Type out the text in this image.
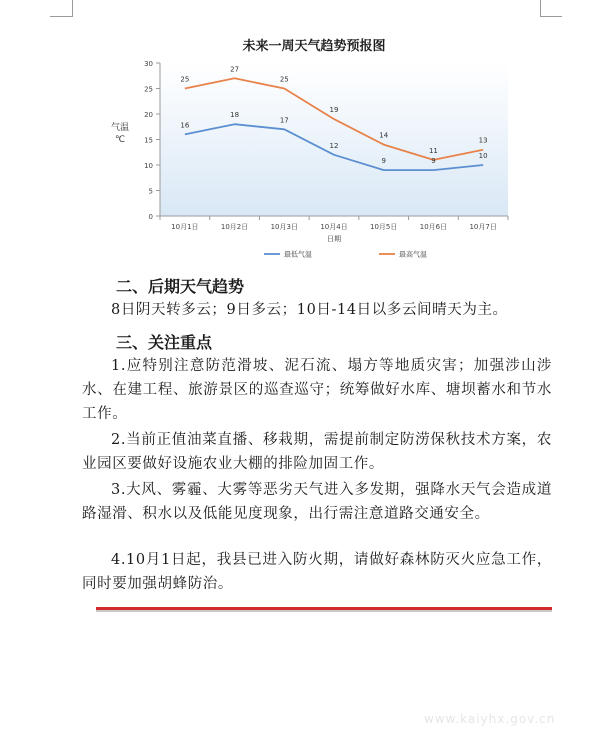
未来一周天气趋势预报图
气温
℃
日期
0
5
10
15
20
25
30
10月1日	10月2日	10月3日	10月4日	10月5日	10月6日	10月7日
16
18
17
12
9	9
10
25
27
25
19
14
11
13
最低气温	最高气温
二、后期天气趋势
8日阴天转多云；9日多云；10日-14日以多云间晴天为主。
三、关注重点
1.应特别注意防范滑坡、泥石流、塌方等地质灾害；加强涉山涉水、在建工程、旅游景区的巡查巡守；统筹做好水库、塘坝蓄水和节水工作。
2.当前正值油菜直播、移栽期，需提前制定防涝保秋技术方案，农业园区要做好设施农业大棚的排险加固工作。
3.大风、雾霾、大雾等恶劣天气进入多发期，强降水天气会造成道路湿滑、积水以及低能见度现象，出行需注意道路交通安全。
4.10月1日起，我县已进入防火期，请做好森林防灭火应急工作，同时要加强胡蜂防治。
www.kaiyhx.gov.cn
